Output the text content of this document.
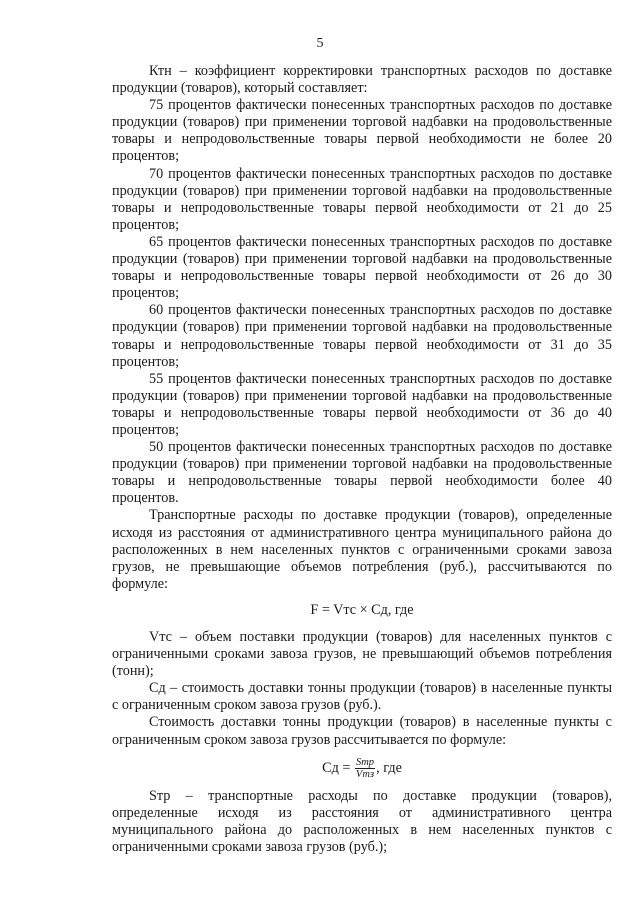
5

Ктн – коэффициент корректировки транспортных расходов по доставке продукции (товаров), который составляет:

75 процентов фактически понесенных транспортных расходов по доставке продукции (товаров) при применении торговой надбавки на продовольственные товары и непродовольственные товары первой необходимости не более 20 процентов;

70 процентов фактически понесенных транспортных расходов по доставке продукции (товаров) при применении торговой надбавки на продовольственные товары и непродовольственные товары первой необходимости от 21 до 25 процентов;

65 процентов фактически понесенных транспортных расходов по доставке продукции (товаров) при применении торговой надбавки на продовольственные товары и непродовольственные товары первой необходимости от 26 до 30 процентов;

60 процентов фактически понесенных транспортных расходов по доставке продукции (товаров) при применении торговой надбавки на продовольственные товары и непродовольственные товары первой необходимости от 31 до 35 процентов;

55 процентов фактически понесенных транспортных расходов по доставке продукции (товаров) при применении торговой надбавки на продовольственные товары и непродовольственные товары первой необходимости от 36 до 40 процентов;

50 процентов фактически понесенных транспортных расходов по доставке продукции (товаров) при применении торговой надбавки на продовольственные товары и непродовольственные товары первой необходимости более 40 процентов.

Транспортные расходы по доставке продукции (товаров), определенные исходя из расстояния от административного центра муниципального района до расположенных в нем населенных пунктов с ограниченными сроками завоза грузов, не превышающие объемов потребления (руб.), рассчитываются по формуле:

F = Vтс × Сд, где

Vтс – объем поставки продукции (товаров) для населенных пунктов с ограниченными сроками завоза грузов, не превышающий объемов потребления (тонн);

Сд – стоимость доставки тонны продукции (товаров) в населенные пункты с ограниченным сроком завоза грузов (руб.).

Стоимость доставки тонны продукции (товаров) в населенные пункты с ограниченным сроком завоза грузов рассчитывается по формуле:

Сд = $\frac{\text{Sтр}}{\text{Vтз}}$ , где

Sтр – транспортные расходы по доставке продукции (товаров), определенные исходя из расстояния от административного центра муниципального района до расположенных в нем населенных пунктов с ограниченными сроками завоза грузов (руб.);
